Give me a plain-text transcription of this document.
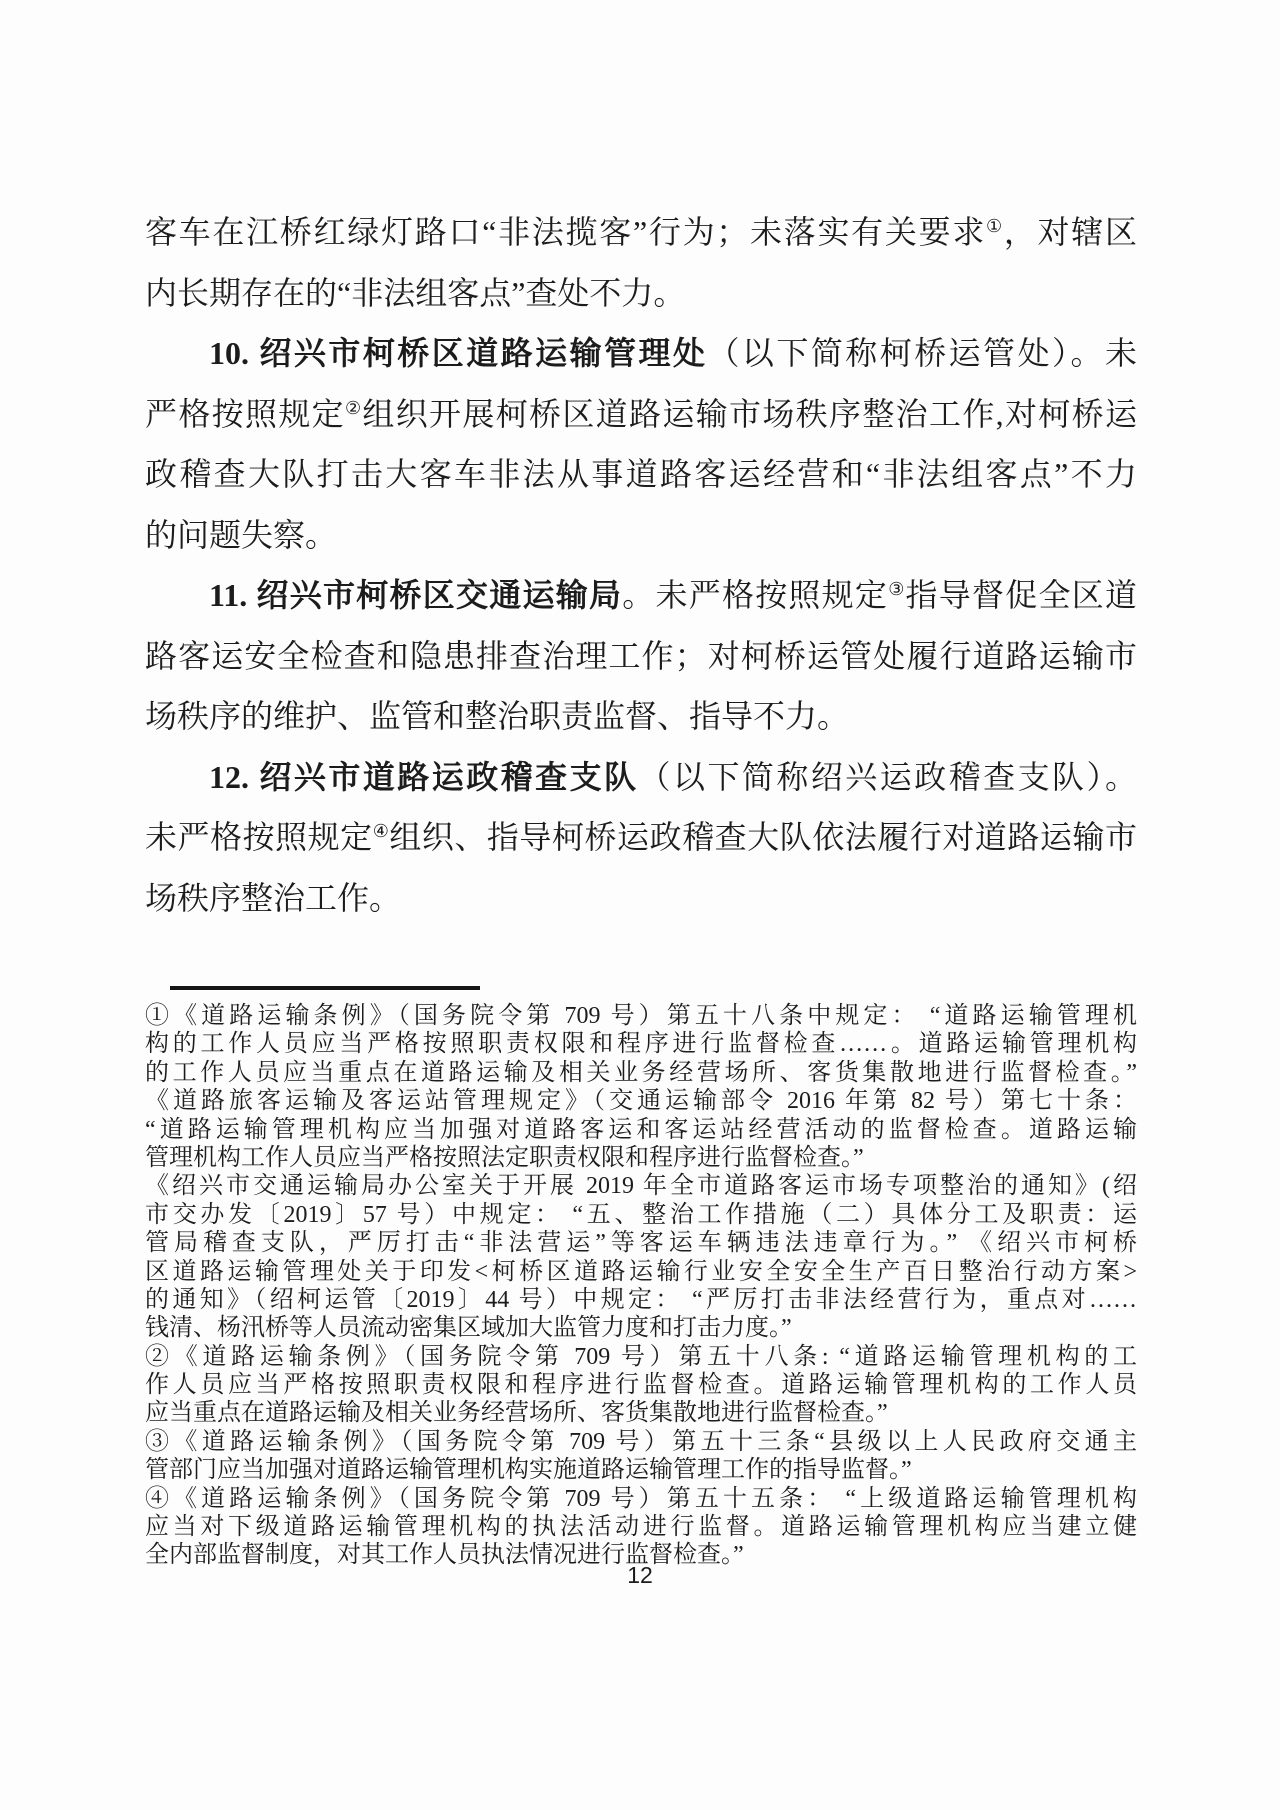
客车在江桥红绿灯路口“非法揽客”行为；未落实有关要求①，对辖区
内长期存在的“非法组客点”查处不力。
10. 绍兴市柯桥区道路运输管理处（以下简称柯桥运管处）。未
严格按照规定②组织开展柯桥区道路运输市场秩序整治工作,对柯桥运
政稽查大队打击大客车非法从事道路客运经营和“非法组客点”不力
的问题失察。
11. 绍兴市柯桥区交通运输局。未严格按照规定③指导督促全区道
路客运安全检查和隐患排查治理工作；对柯桥运管处履行道路运输市
场秩序的维护、监管和整治职责监督、指导不力。
12. 绍兴市道路运政稽查支队（以下简称绍兴运政稽查支队）。
未严格按照规定④组织、指导柯桥运政稽查大队依法履行对道路运输市
场秩序整治工作。
①《道路运输条例》（国务院令第 709 号）第五十八条中规定： “道路运输管理机
构的工作人员应当严格按照职责权限和程序进行监督检查……。道路运输管理机构
的工作人员应当重点在道路运输及相关业务经营场所、客货集散地进行监督检查。”
《道路旅客运输及客运站管理规定》（交通运输部令 2016 年第 82 号）第七十条：
“道路运输管理机构应当加强对道路客运和客运站经营活动的监督检查。道路运输
管理机构工作人员应当严格按照法定职责权限和程序进行监督检查。”
《绍兴市交通运输局办公室关于开展 2019 年全市道路客运市场专项整治的通知》(绍
市交办发〔2019〕57 号）中规定： “五、整治工作措施（二）具体分工及职责：运
管局稽查支队，严厉打击“非法营运”等客运车辆违法违章行为。” 《绍兴市柯桥
区道路运输管理处关于印发<柯桥区道路运输行业安全安全生产百日整治行动方案>
的通知》（绍柯运管〔2019〕44 号）中规定： “严厉打击非法经营行为，重点对……
钱清、杨汛桥等人员流动密集区域加大监管力度和打击力度。”
②《道路运输条例》（国务院令第 709 号）第五十八条: “道路运输管理机构的工
作人员应当严格按照职责权限和程序进行监督检查。道路运输管理机构的工作人员
应当重点在道路运输及相关业务经营场所、客货集散地进行监督检查。”
③《道路运输条例》（国务院令第 709 号）第五十三条“县级以上人民政府交通主
管部门应当加强对道路运输管理机构实施道路运输管理工作的指导监督。”
④《道路运输条例》（国务院令第 709 号）第五十五条： “上级道路运输管理机构
应当对下级道路运输管理机构的执法活动进行监督。道路运输管理机构应当建立健
全内部监督制度，对其工作人员执法情况进行监督检查。”
12
